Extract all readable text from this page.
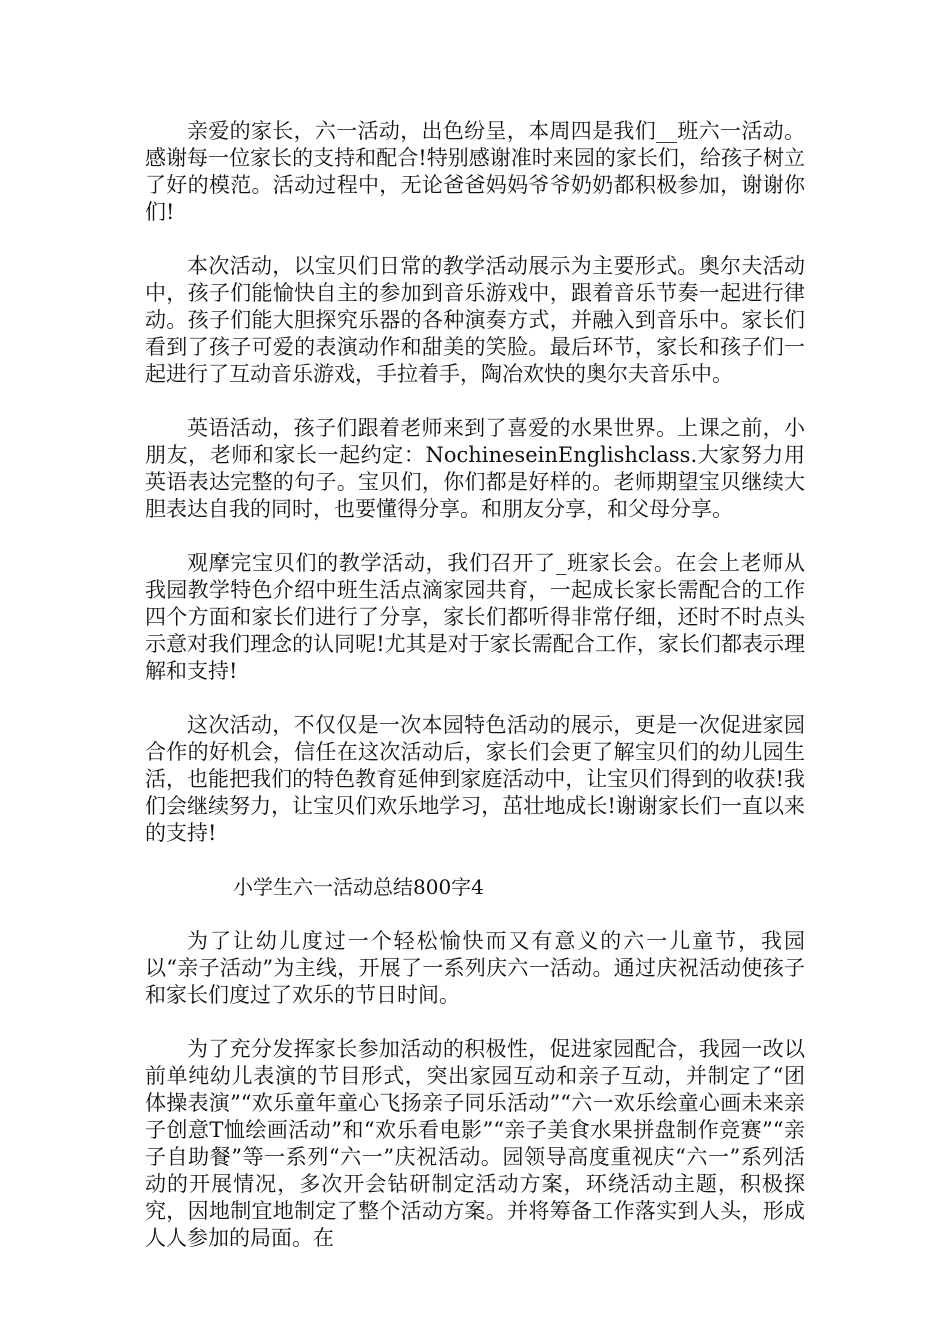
亲爱的家长，六一活动，出色纷呈，本周四是我们__班六一活动。感谢每一位家长的支持和配合!特别感谢准时来园的家长们，给孩子树立了好的模范。活动过程中，无论爸爸妈妈爷爷奶奶都积极参加，谢谢你们!

本次活动，以宝贝们日常的教学活动展示为主要形式。奥尔夫活动中，孩子们能愉快自主的参加到音乐游戏中，跟着音乐节奏一起进行律动。孩子们能大胆探究乐器的各种演奏方式，并融入到音乐中。家长们看到了孩子可爱的表演动作和甜美的笑脸。最后环节，家长和孩子们一起进行了互动音乐游戏，手拉着手，陶冶欢快的奥尔夫音乐中。

英语活动，孩子们跟着老师来到了喜爱的水果世界。上课之前，小朋友，老师和家长一起约定：NochineseinEnglishclass.大家努力用英语表达完整的句子。宝贝们，你们都是好样的。老师期望宝贝继续大胆表达自我的同时，也要懂得分享。和朋友分享，和父母分享。

观摩完宝贝们的教学活动，我们召开了_班家长会。在会上老师从我园教学特色介绍中班生活点滴家园共育，一起成长家长需配合的工作四个方面和家长们进行了分享，家长们都听得非常仔细，还时不时点头示意对我们理念的认同呢!尤其是对于家长需配合工作，家长们都表示理解和支持!

这次活动，不仅仅是一次本园特色活动的展示，更是一次促进家园合作的好机会，信任在这次活动后，家长们会更了解宝贝们的幼儿园生活，也能把我们的特色教育延伸到家庭活动中，让宝贝们得到的收获!我们会继续努力，让宝贝们欢乐地学习，茁壮地成长!谢谢家长们一直以来的支持!

小学生六一活动总结800字4

为了让幼儿度过一个轻松愉快而又有意义的六一儿童节，我园以“亲子活动”为主线，开展了一系列庆六一活动。通过庆祝活动使孩子和家长们度过了欢乐的节日时间。

为了充分发挥家长参加活动的积极性，促进家园配合，我园一改以前单纯幼儿表演的节目形式，突出家园互动和亲子互动，并制定了“团体操表演”“欢乐童年童心飞扬亲子同乐活动”“六一欢乐绘童心画未来亲子创意T恤绘画活动”和“欢乐看电影”“亲子美食水果拼盘制作竞赛”“亲子自助餐”等一系列“六一”庆祝活动。园领导高度重视庆“六一”系列活动的开展情况，多次开会钻研制定活动方案，环绕活动主题，积极探究，因地制宜地制定了整个活动方案。并将筹备工作落实到人头，形成人人参加的局面。在
